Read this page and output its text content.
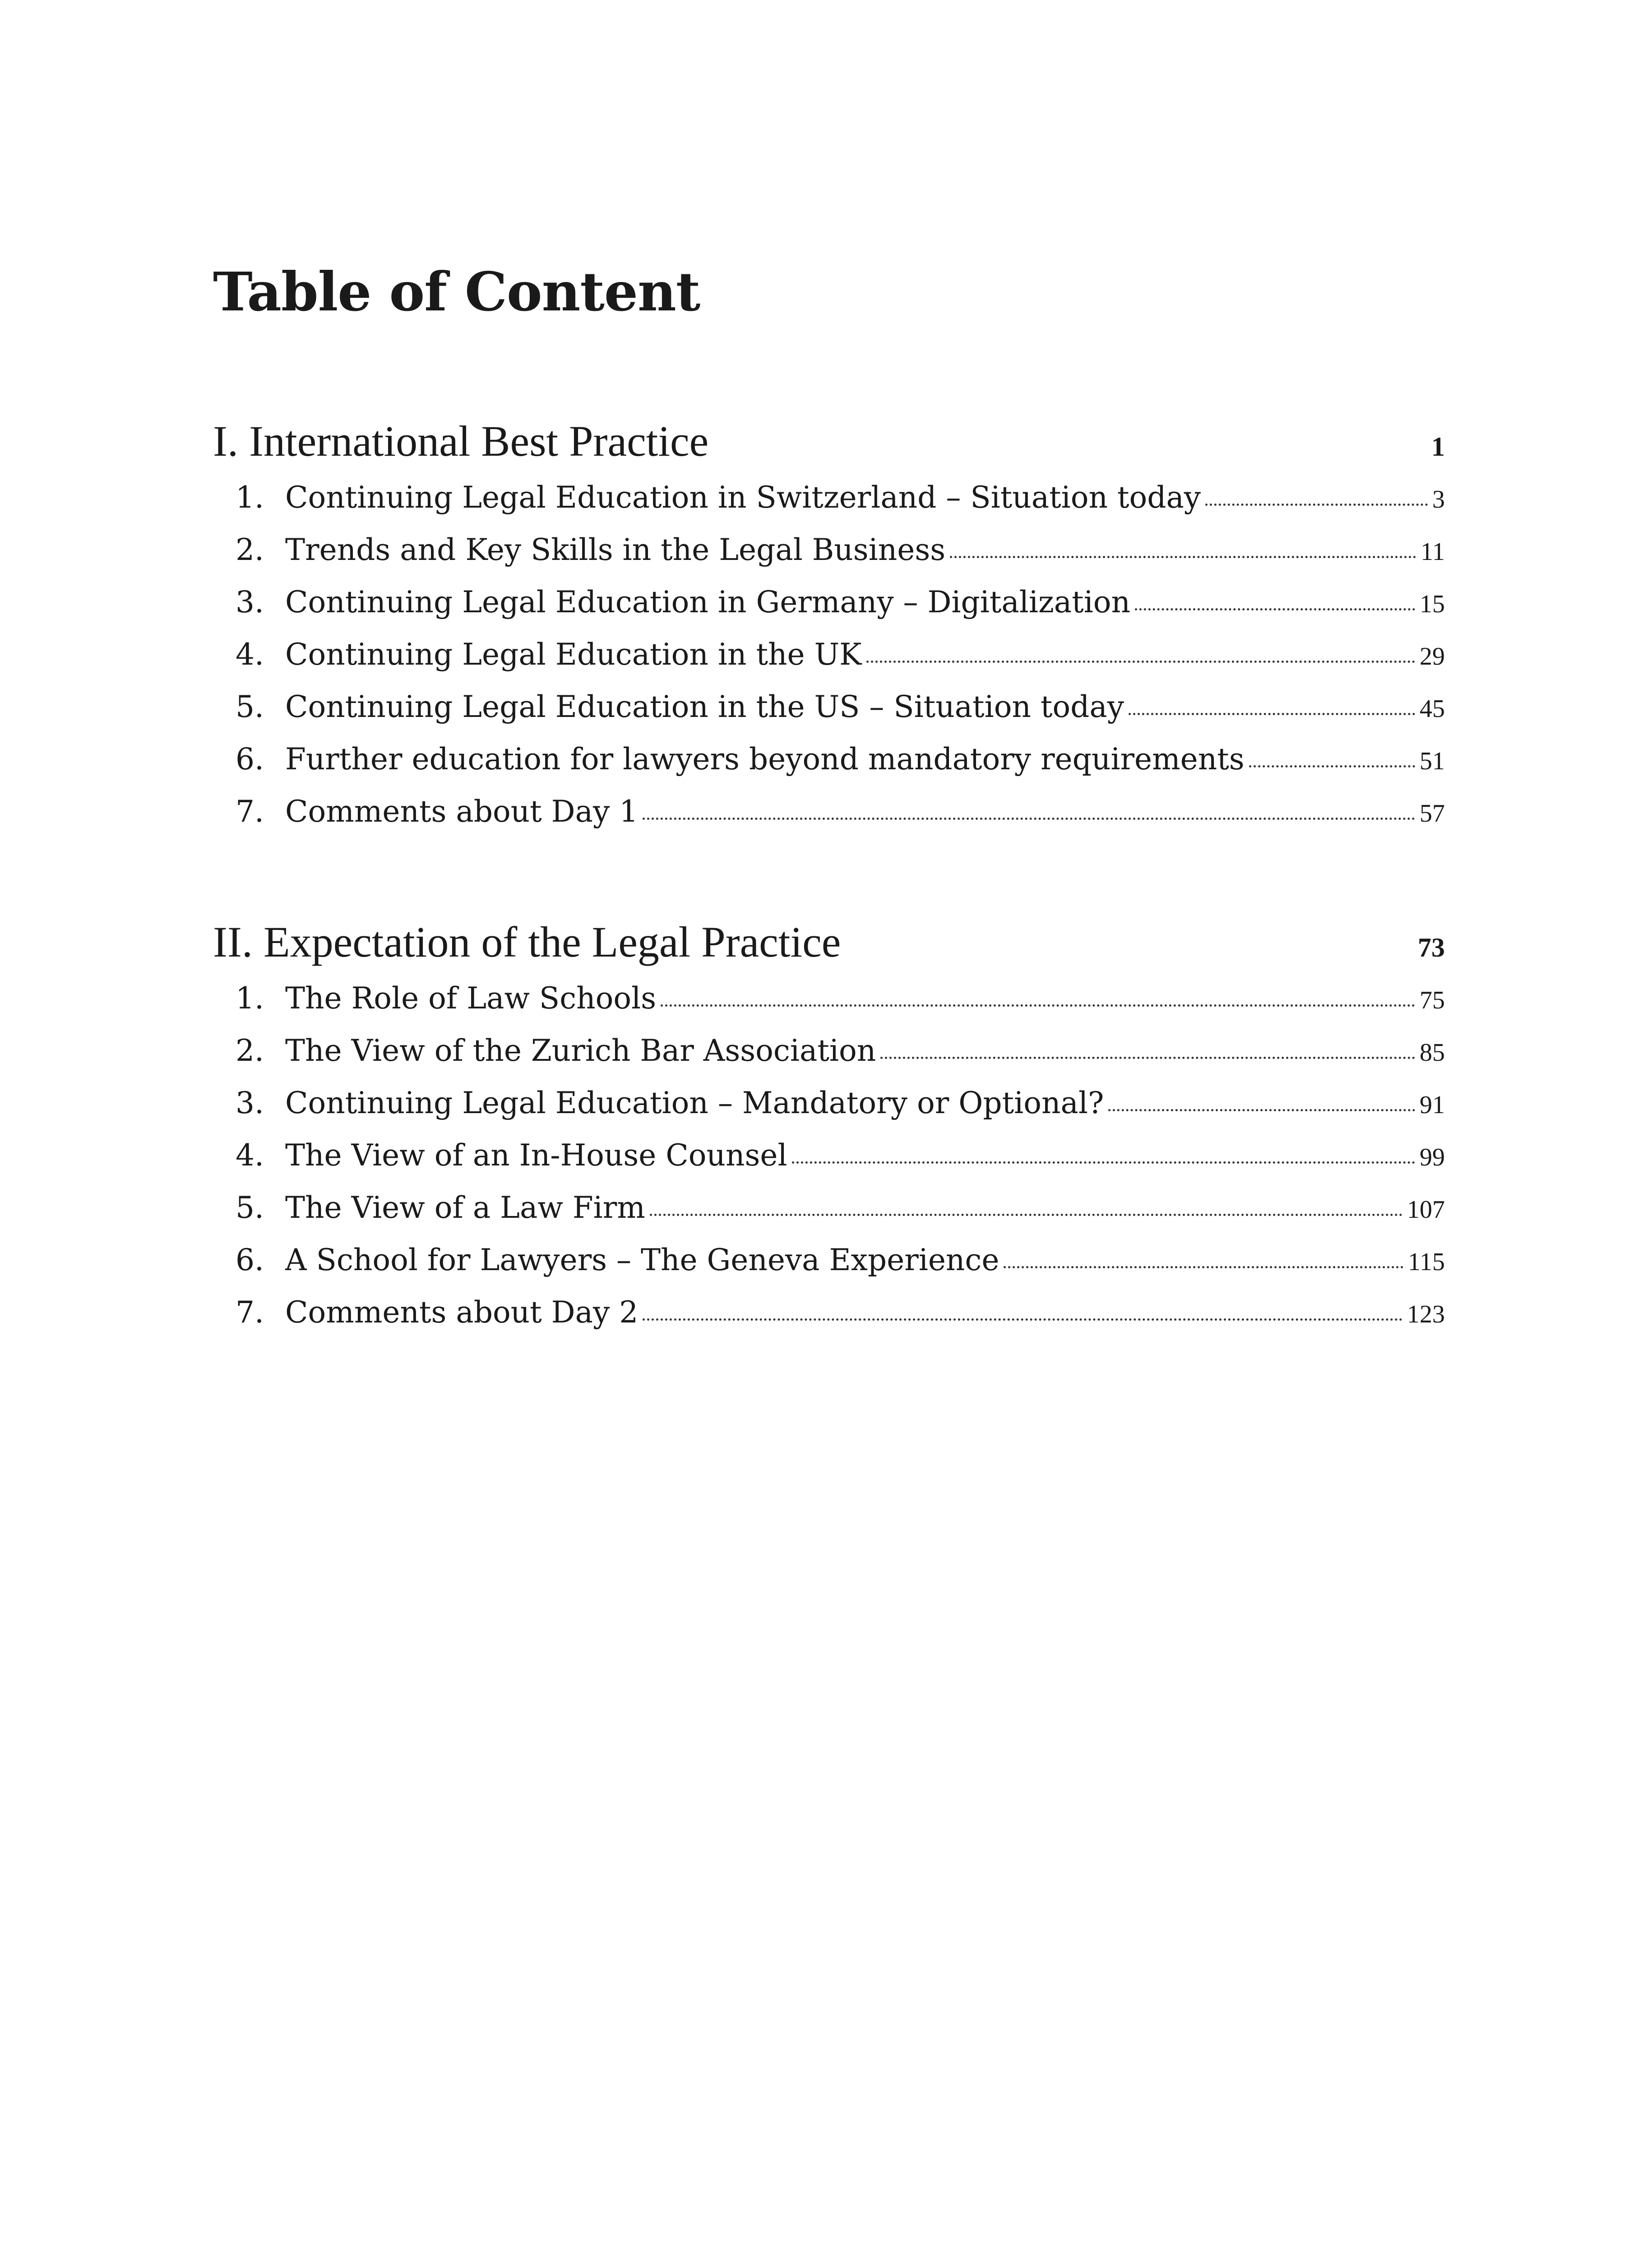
Table of Content
I. International Best Practice	1
1. Continuing Legal Education in Switzerland – Situation today	3
2. Trends and Key Skills in the Legal Business	11
3. Continuing Legal Education in Germany – Digitalization	15
4. Continuing Legal Education in the UK	29
5. Continuing Legal Education in the US – Situation today	45
6. Further education for lawyers beyond mandatory requirements	51
7. Comments about Day 1	57
II. Expectation of the Legal Practice	73
1. The Role of Law Schools	75
2. The View of the Zurich Bar Association	85
3. Continuing Legal Education – Mandatory or Optional?	91
4. The View of an In-House Counsel	99
5. The View of a Law Firm	107
6. A School for Lawyers – The Geneva Experience	115
7. Comments about Day 2	123
